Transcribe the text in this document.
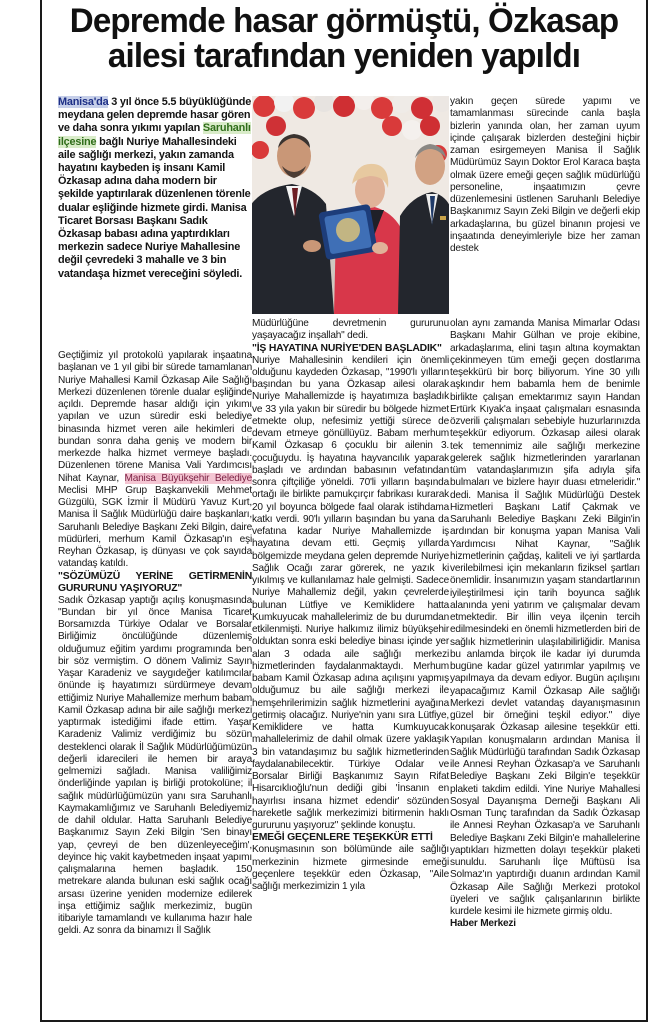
Depremde hasar görmüştü, Özkasap
ailesi tarafından yeniden yapıldı
Manisa'da 3 yıl önce 5.5 büyüklüğünde meydana gelen depremde hasar gören ve daha sonra yıkımı yapılan Saruhanlı ilçesine bağlı Nuriye Mahallesindeki aile sağlığı merkezi, yakın zamanda hayatını kaybeden iş insanı Kamil Özkasap adına daha modern bir şekilde yaptırılarak düzenlenen törenle dualar eşliğinde hizmete girdi. Manisa Ticaret Borsası Başkanı Sadık Özkasap babası adına yaptırdıkları merkezin sadece Nuriye Mahallesine değil çevredeki 3 mahalle ve 3 bin vatandaşa hizmet vereceğini söyledi.

Geçtiğimiz yıl protokolü yapılarak inşaatına başlanan ve 1 yıl gibi bir sürede tamamlanan Nuriye Mahallesi Kamil Özkasap Aile Sağlığı Merkezi düzenlenen törenle dualar eşliğinde açıldı. Depremde hasar aldığı için yıkımı yapılan ve uzun süredir eski belediye binasında hizmet veren aile hekimleri de bundan sonra daha geniş ve modern bir merkezde halka hizmet vermeye başladı. Düzenlenen törene Manisa Vali Yardımcısı Nihat Kaynar, Manisa Büyükşehir Belediye Meclisi MHP Grup Başkanvekili Mehmet Güzgülü, SGK İzmir İl Müdürü Yavuz Kurt, Manisa İl Sağlık Müdürlüğü daire başkanları, Saruhanlı Belediye Başkanı Zeki Bilgin, daire müdürleri, merhum Kamil Özkasap'ın eşi Reyhan Özkasap, iş dünyası ve çok sayıda vatandaş katıldı.

"SÖZÜMÜZÜ YERİNE GETİRMENİN GURURUNU YAŞIYORUZ"

Sadık Özkasap yaptığı açılış konuşmasında "Bundan bir yıl önce Manisa Ticaret Borsamızda Türkiye Odalar ve Borsalar Birliğimiz öncülüğünde düzenlemiş olduğumuz eğitim yardımı programında ben bir söz vermiştim. O dönem Valimiz Sayın Yaşar Karadeniz ve saygıdeğer katılımcılar önünde iş hayatımızı sürdürmeye devam ettiğimiz Nuriye Mahallemize merhum babam Kamil Özkasap adına bir aile sağlığı merkezi yaptırmak istediğimi ifade ettim. Yaşar Karadeniz Valimiz verdiğimiz bu sözün desteklenci olarak İl Sağlık Müdürlüğümüzün değerli idarecileri ile hemen bir araya gelmemizi sağladı. Manisa valiliğimiz önderliğinde yapılan iş birliği protokolüne; il sağlık müdürlüğümüzün yanı sıra Saruhanlı Kaymakamlığımız ve Saruhanlı Belediyemiz de dahil oldular. Hatta Saruhanlı Belediye Başkanımız Sayın Zeki Bilgin 'Sen binayı yap, çevreyi de ben düzenleyeceğim', deyince hiç vakit kaybetmeden inşaat yapımı çalışmalarına hemen başladık. 150 metrekare alanda bulunan eski sağlık ocağı arsası üzerine yeniden modernize edilerek inşa ettiğimiz sağlık merkezimiz, bugün itibariyle tamamlandı ve kullanıma hazır hale geldi. Az sonra da binamızı İl Sağlık

Müdürlüğüne devretmenin gururunu yaşayacağız inşallah" dedi.

"İŞ HAYATINA NURİYE'DEN BAŞLADIK"

Nuriye Mahallesinin kendileri için önemli olduğunu kaydeden Özkasap, "1990'lı yılların başından bu yana Özkasap ailesi olarak Nuriye Mahallemizde iş hayatımıza başladık ve 33 yıla yakın bir süredir bu bölgede hizmet etmekte olup, nefesimiz yettiği sürece de devam etmeye gönüllüyüz. Babam merhum Kamil Özkasap 6 çocuklu bir ailenin 3. çocuğuydu. İş hayatına hayvancılık yaparak başladı ve ardından babasının vefatından sonra çiftçiliğe yöneldi. 70'li yılların başında ortağı ile birlikte pamukçırçır fabrikası kurarak 20 yıl boyunca bölgede faal olarak istihdama katkı verdi. 90'lı yılların başından bu yana da vefatına kadar Nuriye Mahallemizde iş hayatına devam etti. Geçmiş yıllarda bölgemizde meydana gelen depremde Nuriye Sağlık Ocağı zarar görerek, ne yazık ki yıkılmış ve kullanılamaz hale gelmişti. Sadece Nuriye Mahallemiz değil, yakın çevrelerde bulunan Lütfiye ve Kemiklidere hatta Kumkuyucak mahallelerimiz de bu durumdan etkilenmişti. Nuriye halkımız ilimiz büyükşehir olduktan sonra eski belediye binası içinde yer alan 3 odada aile sağlığı merkezi hizmetlerinden faydalanmaktaydı. Merhum babam Kamil Özkasap adına açılışını yapmış olduğumuz bu aile sağlığı merkezi ile hemşehrilerimizin sağlık hizmetlerini ayağına getirmiş olacağız. Nuriye'nin yanı sıra Lütfiye, Kemiklidere ve hatta Kumkuyucak mahallelerimiz de dahil olmak üzere yaklaşık 3 bin vatandaşımız bu sağlık hizmetlerinden faydalanabilecektir. Türkiye Odalar ve Borsalar Birliği Başkanımız Sayın Rifat Hisarcıklıoğlu'nun dediği gibi 'İnsanın en hayırlısı insana hizmet edendir' sözünden hareketle sağlık merkezimizi bitirmenin haklı gururunu yaşıyoruz" şeklinde konuştu.

EMEĞİ GEÇENLERE TEŞEKKÜR ETTİ

Konuşmasının son bölümünde aile sağlığı merkezinin hizmete girmesinde emeği geçenlere teşekkür eden Özkasap, "Aile sağlığı merkezimizin 1 yıla

yakın geçen sürede yapımı ve tamamlanması sürecinde canla başla bizlerin yanında olan, her zaman uyum içinde çalışarak bizlerden desteğini hiçbir zaman esirgemeyen Manisa İl Sağlık Müdürümüz Sayın Doktor Erol Karaca başta olmak üzere emeği geçen sağlık müdürlüğü personeline, inşaatımızın çevre düzenlemesini üstlenen Saruhanlı Belediye Başkanımız Sayın Zeki Bilgin ve değerli ekip arkadaşlarına, bu güzel binanın projesi ve inşaatında deneyimleriyle bize her zaman destek

olan aynı zamanda Manisa Mimarlar Odası Başkanı Mahir Gülhan ve proje ekibine, arkadaşlarıma, elini taşın altına koymaktan çekinmeyen tüm emeği geçen dostlarıma teşekkürü bir borç biliyorum. Yine 30 yıllı aşkındır hem babamla hem de benimle birlikte çalışan emektarımız sayın Handan Ertürk Kıyak'a inşaat çalışmaları esnasında özverili çalışmaları sebebiyle huzurlarınızda teşekkür ediyorum. Özkasap ailesi olarak tek temennimiz aile sağlığı merkezine gelerek sağlık hizmetlerinden yararlanan tüm vatandaşlarımızın şifa adıyla şifa bulmaları ve bizlere hayır duası etmeleridir." dedi. Manisa İl Sağlık Müdürlüğü Destek Hizmetleri Başkanı Latif Çakmak ve Saruhanlı Belediye Başkanı Zeki Bilgin'in ardından bir konuşma yapan Manisa Vali Yardımcısı Nihat Kaynar, "Sağlık hizmetlerinin çağdaş, kaliteli ve iyi şartlarda verilebilmesi için mekanların fiziksel şartları önemlidir. İnsanımızın yaşam standartlarının iyileştirilmesi için tarih boyunca sağlık alanında yeni yatırım ve çalışmalar devam etmektedir. Bir illin veya ilçenin tercih edilmesindeki en önemli hizmetlerden biri de sağlık hizmetlerinin ulaşılabilirliğidir. Manisa bu anlamda birçok ile kadar iyi durumda bugüne kadar güzel yatırımlar yapılmış ve yapılmaya da devam ediyor. Bugün açılışını yapacağımız Kamil Özkasap Aile sağlığı Merkezi devlet vatandaş dayanışmasının güzel bir örneğini teşkil ediyor." diye konuşarak Özkasap ailesine teşekkür etti. Yapılan konuşmaların ardından Manisa İl Sağlık Müdürlüğü tarafından Sadık Özkasap ile Annesi Reyhan Özkasap'a ve Saruhanlı Belediye Başkanı Zeki Bilgin'e teşekkür plaketi takdim edildi. Yine Nuriye Mahallesi Sosyal Dayanışma Derneği Başkanı Ali Osman Tunç tarafından da Sadık Özkasap ile Annesi Reyhan Özkasap'a ve Saruhanlı Belediye Başkanı Zeki Bilgin'e mahallelerine yaptıkları hizmetten dolayı teşekkür plaketi sunuldu. Saruhanlı İlçe Müftüsü İsa Solmaz'ın yaptırdığı duanın ardından Kamil Özkasap Aile Sağlığı Merkezi protokol üyeleri ve sağlık çalışanlarının birlikte kurdele kesimi ile hizmete girmiş oldu.

Haber Merkezi
